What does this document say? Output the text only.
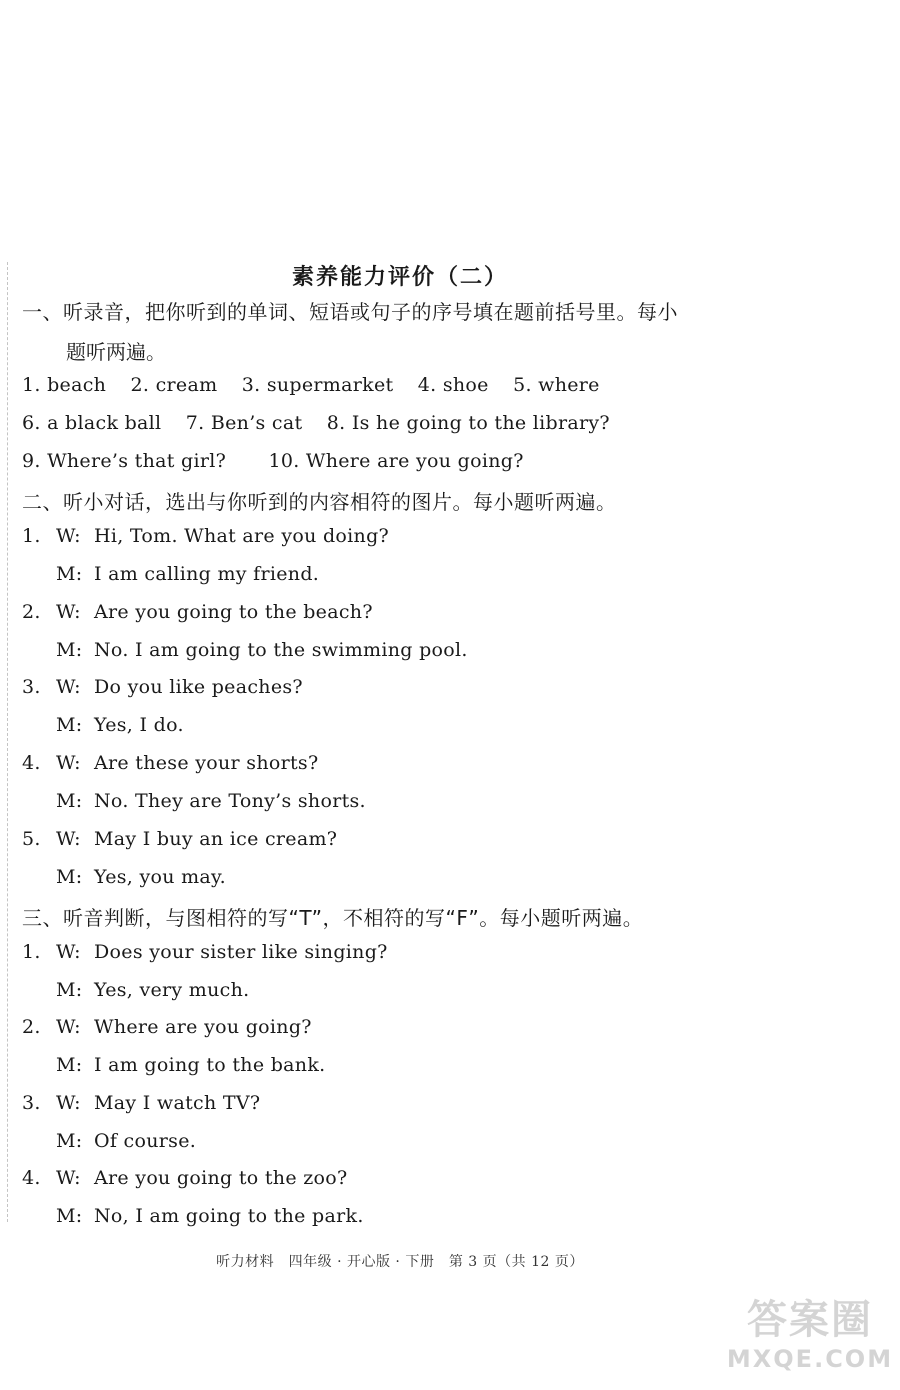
素养能力评价（二）
一、听录音，把你听到的单词、短语或句子的序号填在题前括号里。每小
题听两遍。
1. beach 2. cream 3. supermarket 4. shoe 5. where
6. a black ball 7. Ben’s cat 8. Is he going to the library?
9. Where’s that girl? 10. Where are you going?
二、听小对话，选出与你听到的内容相符的图片。每小题听两遍。
1. W: Hi, Tom. What are you doing?
M: I am calling my friend.
2. W: Are you going to the beach?
M: No. I am going to the swimming pool.
3. W: Do you like peaches?
M: Yes, I do.
4. W: Are these your shorts?
M: No. They are Tony’s shorts.
5. W: May I buy an ice cream?
M: Yes, you may.
三、听音判断，与图相符的写“T”，不相符的写“F”。每小题听两遍。
1. W: Does your sister like singing?
M: Yes, very much.
2. W: Where are you going?
M: I am going to the bank.
3. W: May I watch TV?
M: Of course.
4. W: Are you going to the zoo?
M: No, I am going to the park.
听力材料　四年级 · 开心版 · 下册　第 3 页（共 12 页）
答案圈
MXQE.COM
